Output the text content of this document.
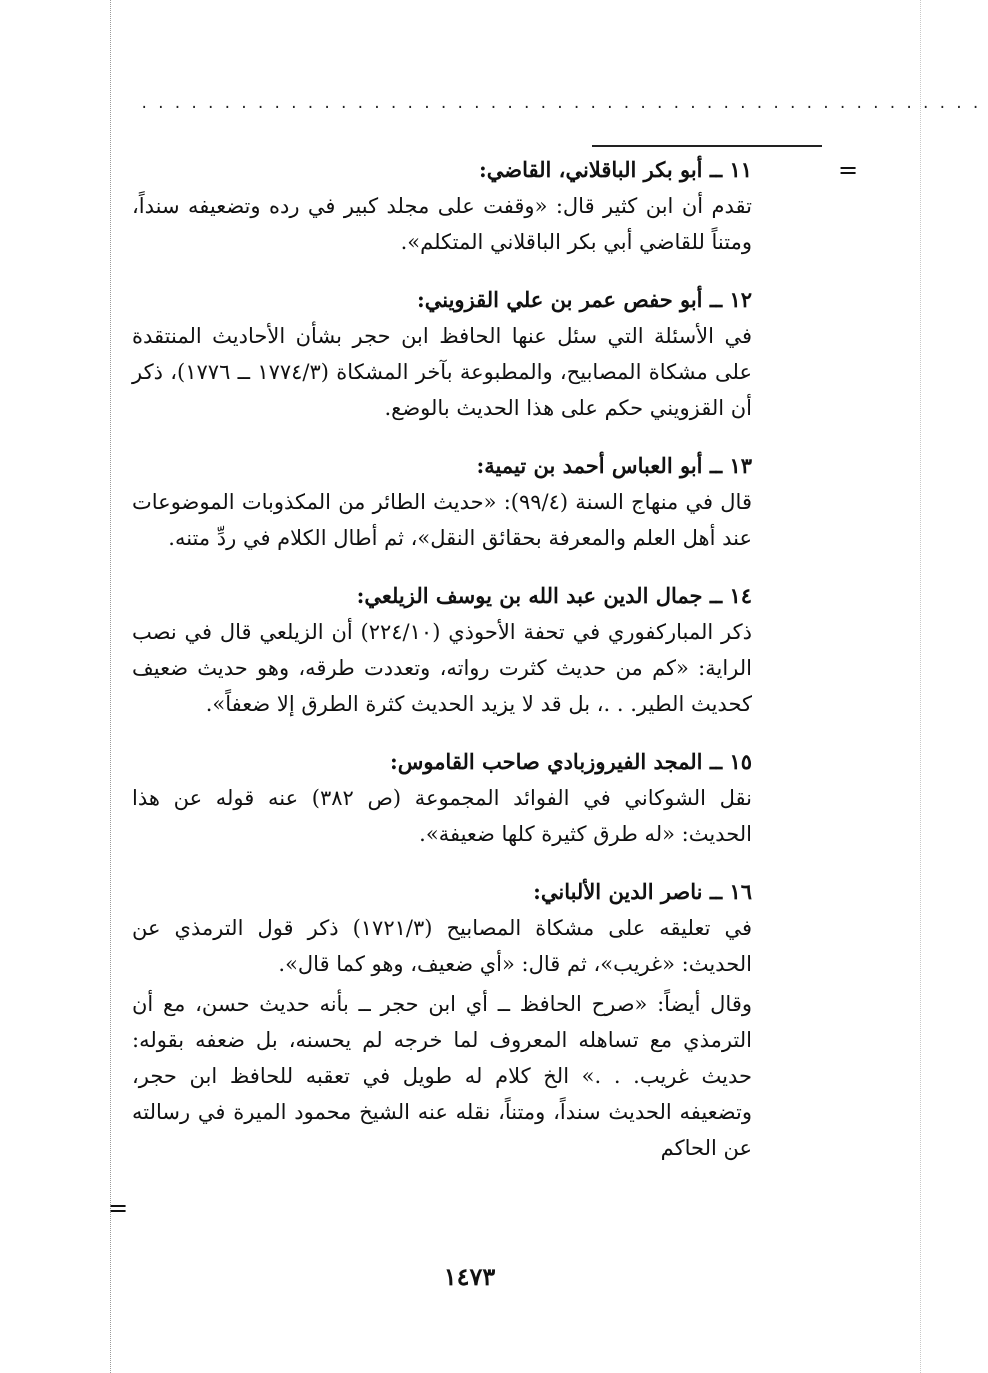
...................................................
=
=

١١ ــ أبو بكر الباقلاني، القاضي:

تقدم أن ابن كثير قال: «وقفت على مجلد كبير في رده وتضعيفه سنداً، ومتناً للقاضي أبي بكر الباقلاني المتكلم».

١٢ ــ أبو حفص عمر بن علي القزويني:

في الأسئلة التي سئل عنها الحافظ ابن حجر بشأن الأحاديث المنتقدة على مشكاة المصابيح، والمطبوعة بآخر المشكاة (١٧٧٤/٣ ــ ١٧٧٦)، ذكر أن القزويني حكم على هذا الحديث بالوضع.

١٣ ــ أبو العباس أحمد بن تيمية:

قال في منهاج السنة (٩٩/٤): «حديث الطائر من المكذوبات الموضوعات عند أهل العلم والمعرفة بحقائق النقل»، ثم أطال الكلام في ردِّ متنه.

١٤ ــ جمال الدين عبد الله بن يوسف الزيلعي:

ذكر المباركفوري في تحفة الأحوذي (٢٢٤/١٠) أن الزيلعي قال في نصب الراية: «كم من حديث كثرت رواته، وتعددت طرقه، وهو حديث ضعيف كحديث الطير. . .، بل قد لا يزيد الحديث كثرة الطرق إلا ضعفاً».

١٥ ــ المجد الفيروزبادي صاحب القاموس:

نقل الشوكاني في الفوائد المجموعة (ص ٣٨٢) عنه قوله عن هذا الحديث: «له طرق كثيرة كلها ضعيفة».

١٦ ــ ناصر الدين الألباني:

في تعليقه على مشكاة المصابيح (١٧٢١/٣) ذكر قول الترمذي عن الحديث: «غريب»، ثم قال: «أي ضعيف، وهو كما قال».

وقال أيضاً: «صرح الحافظ ــ أي ابن حجر ــ بأنه حديث حسن، مع أن الترمذي مع تساهله المعروف لما خرجه لم يحسنه، بل ضعفه بقوله: حديث غريب. . .» الخ كلام له طويل في تعقبه للحافظ ابن حجر، وتضعيفه الحديث سنداً، ومتناً، نقله عنه الشيخ محمود الميرة في رسالته عن الحاكم

١٤٧٣
